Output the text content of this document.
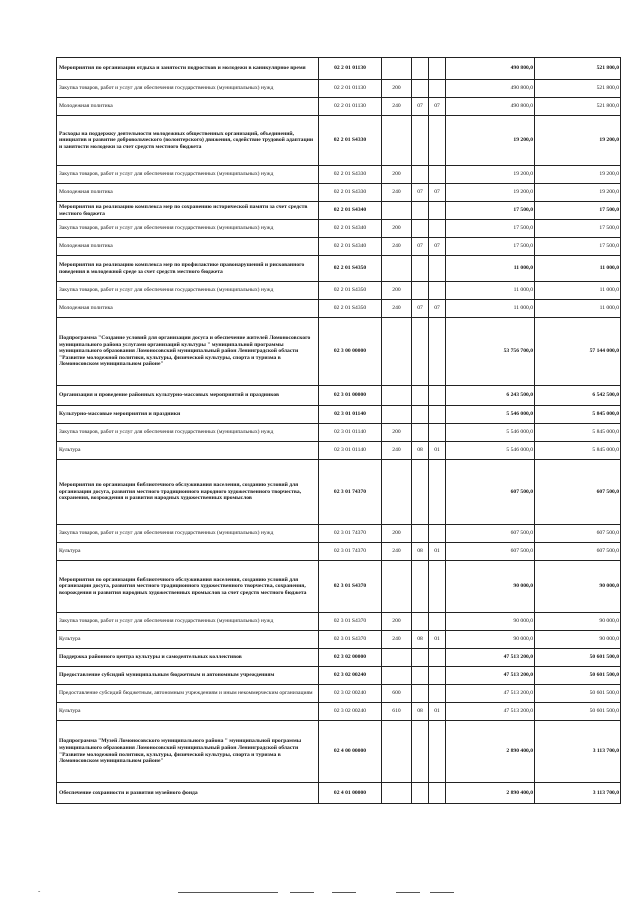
Мероприятия по организации отдыха и занятости подростков и молодежи в каникулярное время	02 2 01 01130				490 800,0	521 800,0
Закупка товаров, работ и услуг для обеспечения государственных (муниципальных) нужд	02 2 01 01130	200			490 800,0	521 800,0
Молодежная политика	02 2 01 01130	240	07	07	490 800,0	521 800,0
Расходы на поддержку деятельности молодежных общественных организаций, объединений, инициатив и развитие добровольческого (волонтерского) движения, содействие трудовой адаптации и занятости молодежи за счет средств местного бюджета	02 2 01 S4330				19 200,0	19 200,0
Закупка товаров, работ и услуг для обеспечения государственных (муниципальных) нужд	02 2 01 S4330	200			19 200,0	19 200,0
Молодежная политика	02 2 01 S4330	240	07	07	19 200,0	19 200,0
Мероприятия на реализацию комплекса мер по сохранению исторической памяти за счет средств местного бюджета	02 2 01 S4340				17 500,0	17 500,0
Закупка товаров, работ и услуг для обеспечения государственных (муниципальных) нужд	02 2 01 S4340	200			17 500,0	17 500,0
Молодежная политика	02 2 01 S4340	240	07	07	17 500,0	17 500,0
Мероприятия на реализацию комплекса мер по профилактике правонарушений и рискованного поведения в молодежной среде за счет средств местного бюджета	02 2 01 S4350				11 000,0	11 000,0
Закупка товаров, работ и услуг для обеспечения государственных (муниципальных) нужд	02 2 01 S4350	200			11 000,0	11 000,0
Молодежная политика	02 2 01 S4350	240	07	07	11 000,0	11 000,0
Подпрограмма "Создание условий для организации досуга и обеспечение жителей Ломоносовского муниципального района услугами организаций культуры " муниципальной программы муниципального образования Ломоносовский муниципальный район Ленинградской области "Развитие молодежной политики, культуры, физической культуры, спорта и туризма в Ломоносовском муниципальном районе"	02 3 00 00000				53 756 700,0	57 144 000,0
Организация и проведение районных культурно-массовых мероприятий и праздников	02 3 01 00000				6 243 500,0	6 542 500,0
Культурно-массовые мероприятия и праздники	02 3 01 01140				5 546 000,0	5 845 000,0
Закупка товаров, работ и услуг для обеспечения государственных (муниципальных) нужд	02 3 01 01140	200			5 546 000,0	5 845 000,0
Культура	02 3 01 01140	240	08	01	5 546 000,0	5 845 000,0
Мероприятия по организации библиотечного обслуживания населения, созданию условий для организации досуга, развития местного традиционного народного художественного творчества, сохранения, возрождения и развития народных художественных промыслов	02 3 01 74370				607 500,0	607 500,0
Закупка товаров, работ и услуг для обеспечения государственных (муниципальных) нужд	02 3 01 74370	200			607 500,0	607 500,0
Культура	02 3 01 74370	240	08	01	607 500,0	607 500,0
Мероприятия по организации библиотечного обслуживания населения, созданию условий для организации досуга, развития местного традиционного художественного творчества, сохранения, возрождения и развития народных художественных промыслов за счет средств местного бюджета	02 3 01 S4370				90 000,0	90 000,0
Закупка товаров, работ и услуг для обеспечения государственных (муниципальных) нужд	02 3 01 S4370	200			90 000,0	90 000,0
Культура	02 3 01 S4370	240	08	01	90 000,0	90 000,0
Поддержка районного центра культуры и самодеятельных коллективов	02 3 02 00000				47 513 200,0	50 601 500,0
Предоставление субсидий муниципальным бюджетным и автономным учреждениям	02 3 02 00240				47 513 200,0	50 601 500,0
Предоставление субсидий бюджетным, автономным учреждениям и иным некоммерческим организациям	02 3 02 00240	600			47 513 200,0	50 601 500,0
Культура	02 3 02 00240	610	08	01	47 513 200,0	50 601 500,0
Подпрограмма "Музей Ломоносовского муниципального района " муниципальной программы муниципального образования Ломоносовский муниципальный район Ленинградской области "Развитие молодежной политики, культуры, физической культуры, спорта и туризма в Ломоносовском муниципальном районе"	02 4 00 00000				2 890 400,0	3 113 700,0
Обеспечение сохранности и развития музейного фонда	02 4 01 00000				2 890 400,0	3 113 700,0
-
